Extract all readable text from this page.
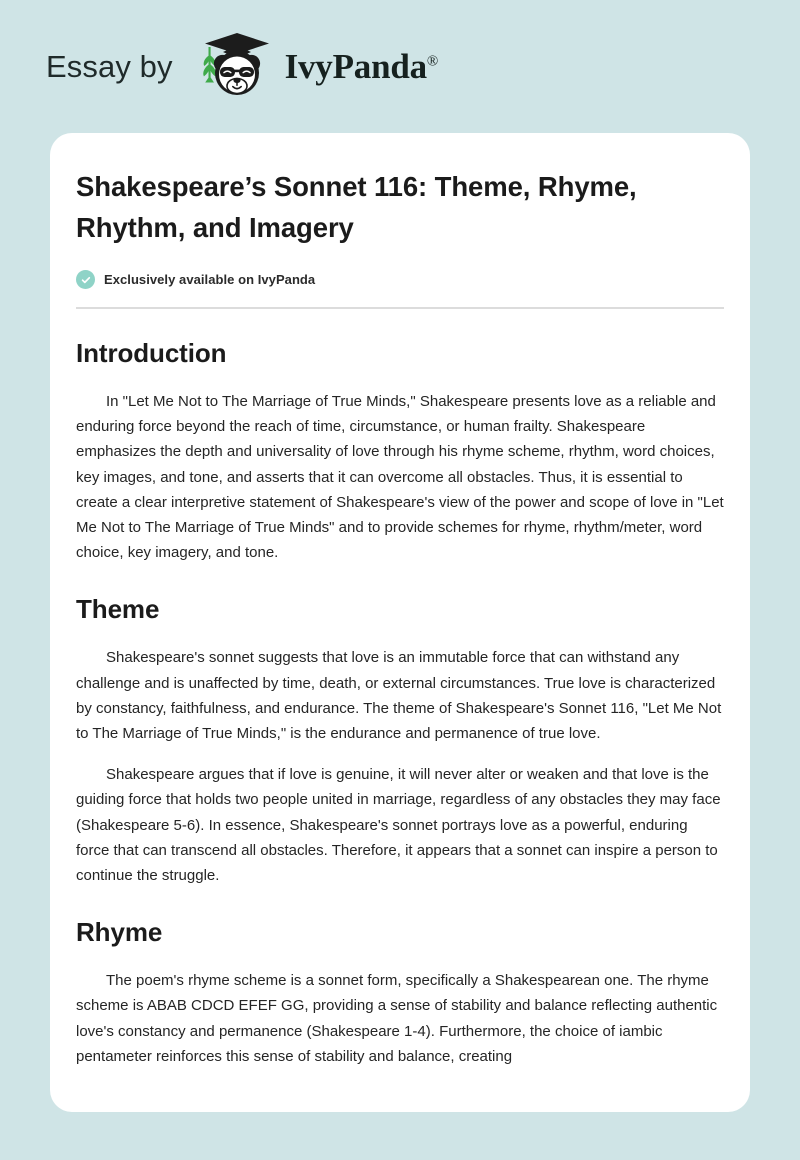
Essay by	IvyPanda®
Shakespeare’s Sonnet 116: Theme, Rhyme, Rhythm, and Imagery
Exclusively available on IvyPanda
Introduction

In "Let Me Not to The Marriage of True Minds," Shakespeare presents love as a reliable and enduring force beyond the reach of time, circumstance, or human frailty. Shakespeare emphasizes the depth and universality of love through his rhyme scheme, rhythm, word choices, key images, and tone, and asserts that it can overcome all obstacles. Thus, it is essential to create a clear interpretive statement of Shakespeare's view of the power and scope of love in "Let Me Not to The Marriage of True Minds" and to provide schemes for rhyme, rhythm/meter, word choice, key imagery, and tone.

Theme

Shakespeare's sonnet suggests that love is an immutable force that can withstand any challenge and is unaffected by time, death, or external circumstances. True love is characterized by constancy, faithfulness, and endurance. The theme of Shakespeare's Sonnet 116, "Let Me Not to The Marriage of True Minds," is the endurance and permanence of true love.

Shakespeare argues that if love is genuine, it will never alter or weaken and that love is the guiding force that holds two people united in marriage, regardless of any obstacles they may face (Shakespeare 5-6). In essence, Shakespeare's sonnet portrays love as a powerful, enduring force that can transcend all obstacles. Therefore, it appears that a sonnet can inspire a person to continue the struggle.

Rhyme

The poem's rhyme scheme is a sonnet form, specifically a Shakespearean one. The rhyme scheme is ABAB CDCD EFEF GG, providing a sense of stability and balance reflecting authentic love's constancy and permanence (Shakespeare 1-4). Furthermore, the choice of iambic pentameter reinforces this sense of stability and balance, creating
